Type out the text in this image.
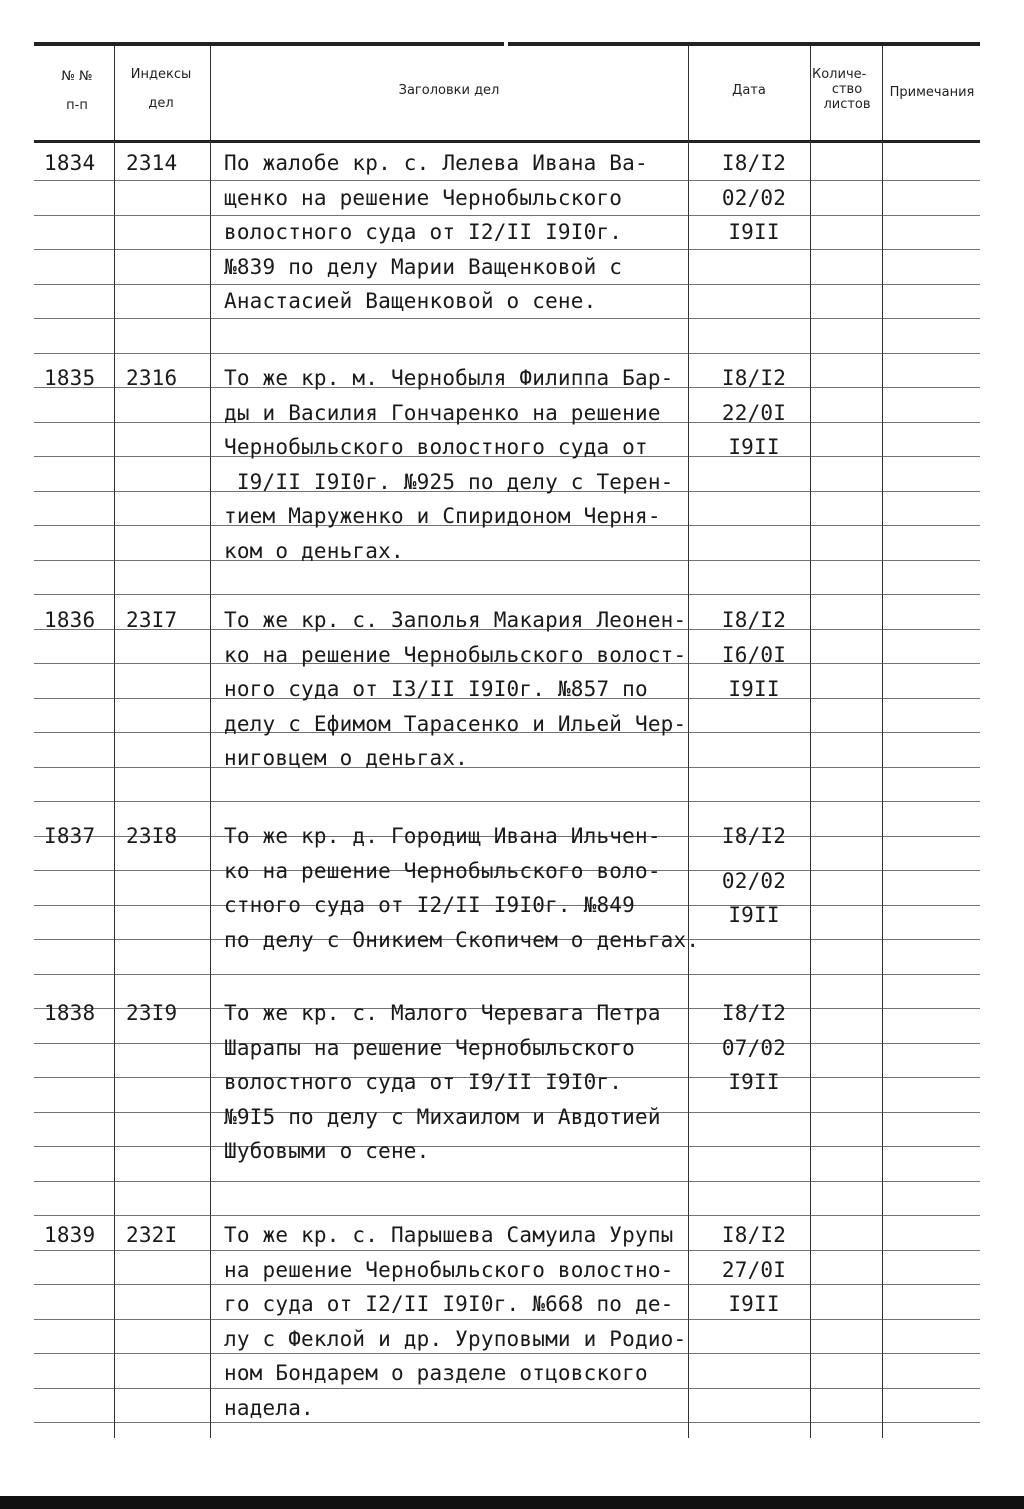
№ №
п-п
Индексы
дел
Заголовки дел	Дата
Количе-
ство
листов
Примечания
1834 2314 По жалобе кр. с. Лелева Ивана Ва-
щенко на решение Чернобыльского
волостного суда от I2/II I9I0г.
№839 по делу Марии Ващенковой с
Анастасией Ващенковой о сене.
I8/I2
02/02
I9II
1835 2316 То же кр. м. Чернобыля Филиппа Бар-
ды и Василия Гончаренко на решение
Чернобыльского волостного суда от
I9/II I9I0г. №925 по делу с Терен-
тием Маруженко и Спиридоном Черня-
ком о деньгах.
I8/I2
22/0I
I9II
1836 23I7 То же кр. с. Заполья Макария Леонен-
ко на решение Чернобыльского волост-
ного суда от I3/II I9I0г. №857 по
делу с Ефимом Тарасенко и Ильей Чер-
ниговцем о деньгах.
I8/I2
I6/0I
I9II
I837 23I8 То же кр. д. Городищ Ивана Ильчен-
ко на решение Чернобыльского воло-
стного суда от I2/II I9I0г. №849
по делу с Оникием Скопичем о деньгах.
I8/I2
02/02
I9II
1838 23I9 То же кр. с. Малого Черевага Петра
Шарапы на решение Чернобыльского
волостного суда от I9/II I9I0г.
№9I5 по делу с Михаилом и Авдотией
Шубовыми о сене.
I8/I2
07/02
I9II
1839 232I То же кр. с. Парышева Самуила Урупы
на решение Чернобыльского волостно-
го суда от I2/II I9I0г. №668 по де-
лу с Феклой и др. Уруповыми и Родио-
ном Бондарем о разделе отцовского
надела.
I8/I2
27/0I
I9II
